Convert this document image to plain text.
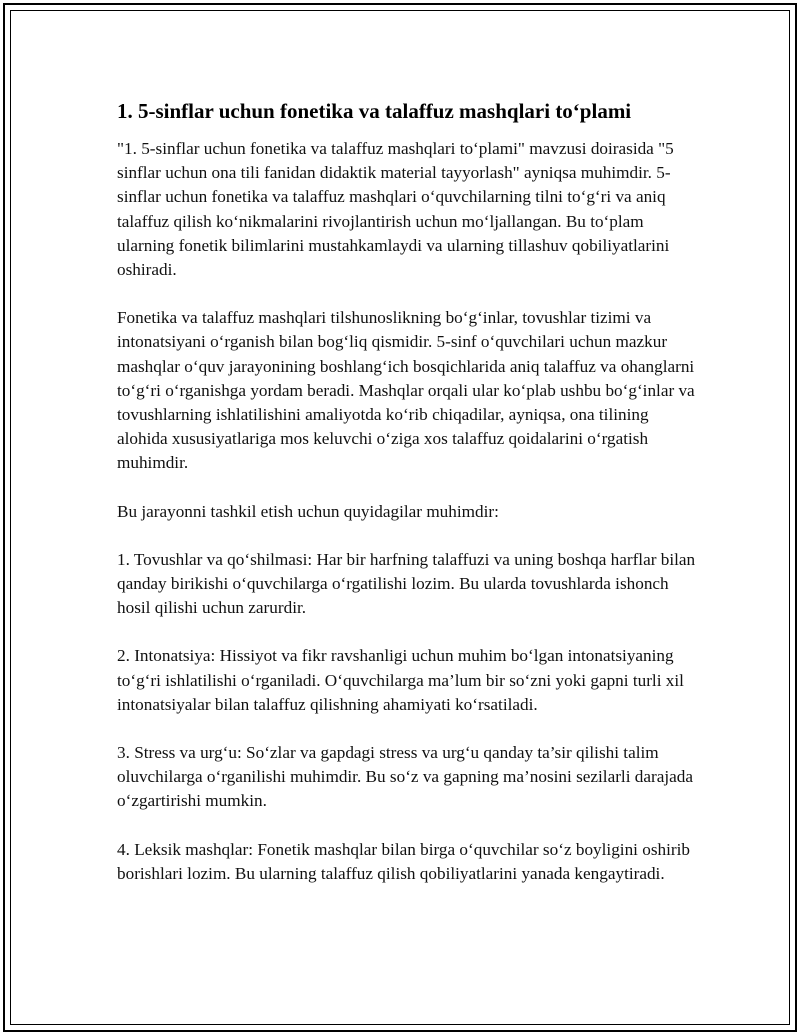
1. 5-sinflar uchun fonetika va talaffuz mashqlari to‘plami

"1. 5-sinflar uchun fonetika va talaffuz mashqlari to‘plami" mavzusi doirasida "5 sinflar uchun ona tili fanidan didaktik material tayyorlash" ayniqsa muhimdir. 5-sinflar uchun fonetika va talaffuz mashqlari o‘quvchilarning tilni to‘g‘ri va aniq talaffuz qilish ko‘nikmalarini rivojlantirish uchun mo‘ljallangan. Bu to‘plam ularning fonetik bilimlarini mustahkamlaydi va ularning tillashuv qobiliyatlarini oshiradi.

Fonetika va talaffuz mashqlari tilshunoslikning bo‘g‘inlar, tovushlar tizimi va intonatsiyani o‘rganish bilan bog‘liq qismidir. 5-sinf o‘quvchilari uchun mazkur mashqlar o‘quv jarayonining boshlang‘ich bosqichlarida aniq talaffuz va ohanglarni to‘g‘ri o‘rganishga yordam beradi. Mashqlar orqali ular ko‘plab ushbu bo‘g‘inlar va tovushlarning ishlatilishini amaliyotda ko‘rib chiqadilar, ayniqsa, ona tilining alohida xususiyatlariga mos keluvchi o‘ziga xos talaffuz qoidalarini o‘rgatish muhimdir.

Bu jarayonni tashkil etish uchun quyidagilar muhimdir:

1. Tovushlar va qo‘shilmasi: Har bir harfning talaffuzi va uning boshqa harflar bilan qanday birikishi o‘quvchilarga o‘rgatilishi lozim. Bu ularda tovushlarda ishonch hosil qilishi uchun zarurdir.

2. Intonatsiya: Hissiyot va fikr ravshanligi uchun muhim bo‘lgan intonatsiyaning to‘g‘ri ishlatilishi o‘rganiladi. O‘quvchilarga ma’lum bir so‘zni yoki gapni turli xil intonatsiyalar bilan talaffuz qilishning ahamiyati ko‘rsatiladi.

3. Stress va urg‘u: So‘zlar va gapdagi stress va urg‘u qanday ta’sir qilishi talim oluvchilarga o‘rganilishi muhimdir. Bu so‘z va gapning ma’nosini sezilarli darajada o‘zgartirishi mumkin.

4. Leksik mashqlar: Fonetik mashqlar bilan birga o‘quvchilar so‘z boyligini oshirib borishlari lozim. Bu ularning talaffuz qilish qobiliyatlarini yanada kengaytiradi.
